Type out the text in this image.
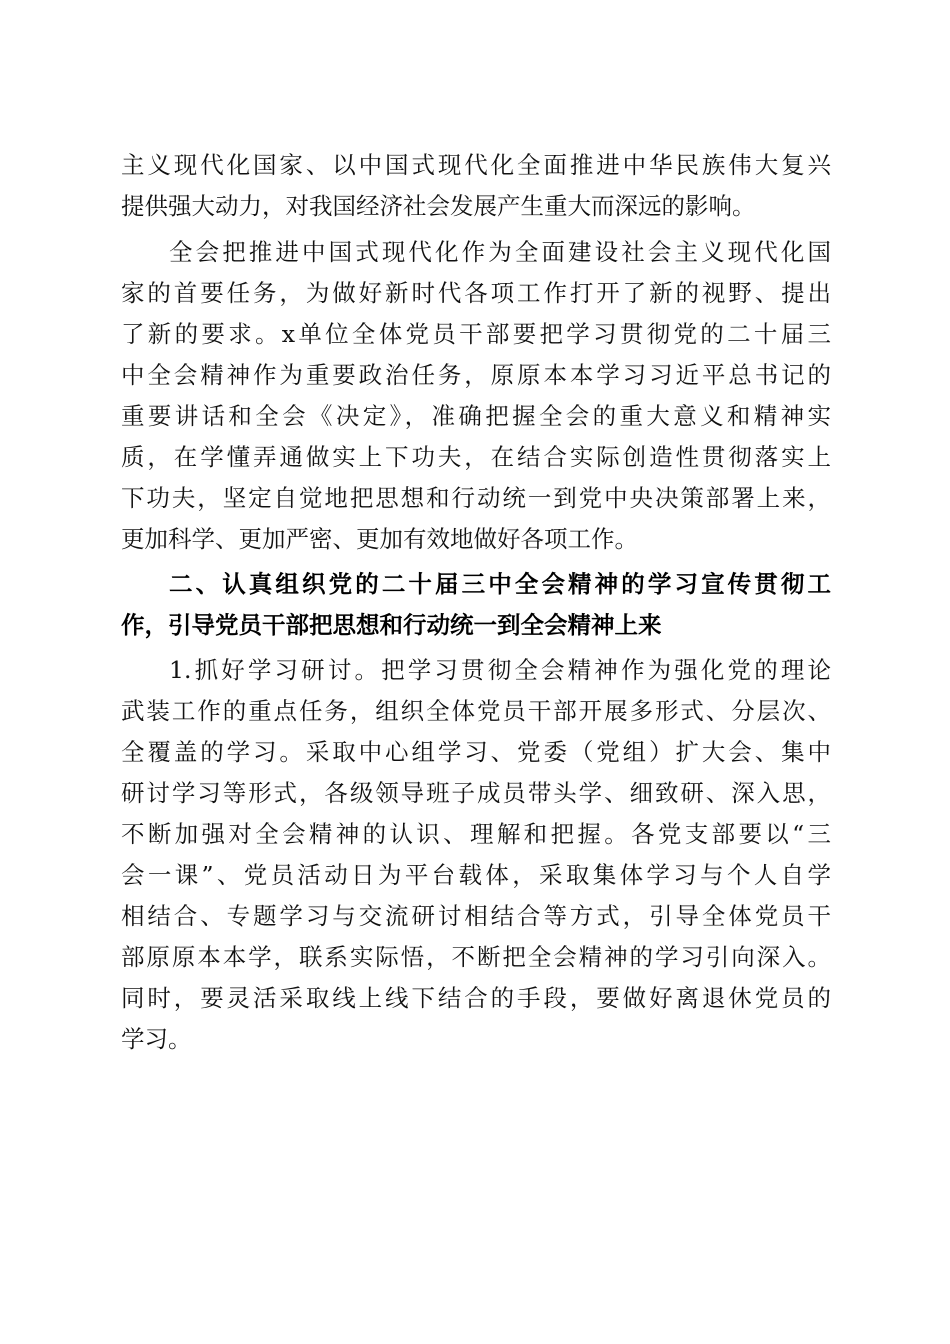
主义现代化国家、以中国式现代化全面推进中华民族伟大复兴
提供强大动力，对我国经济社会发展产生重大而深远的影响。
全会把推进中国式现代化作为全面建设社会主义现代化国
家的首要任务，为做好新时代各项工作打开了新的视野、提出
了新的要求。x单位全体党员干部要把学习贯彻党的二十届三
中全会精神作为重要政治任务，原原本本学习习近平总书记的
重要讲话和全会《决定》，准确把握全会的重大意义和精神实
质，在学懂弄通做实上下功夫，在结合实际创造性贯彻落实上
下功夫，坚定自觉地把思想和行动统一到党中央决策部署上来，
更加科学、更加严密、更加有效地做好各项工作。
二、认真组织党的二十届三中全会精神的学习宣传贯彻工
作，引导党员干部把思想和行动统一到全会精神上来
1.抓好学习研讨。把学习贯彻全会精神作为强化党的理论
武装工作的重点任务，组织全体党员干部开展多形式、分层次、
全覆盖的学习。采取中心组学习、党委（党组）扩大会、集中
研讨学习等形式，各级领导班子成员带头学、细致研、深入思，
不断加强对全会精神的认识、理解和把握。各党支部要以“三
会一课”、党员活动日为平台载体，采取集体学习与个人自学
相结合、专题学习与交流研讨相结合等方式，引导全体党员干
部原原本本学，联系实际悟，不断把全会精神的学习引向深入。
同时，要灵活采取线上线下结合的手段，要做好离退休党员的
学习。
